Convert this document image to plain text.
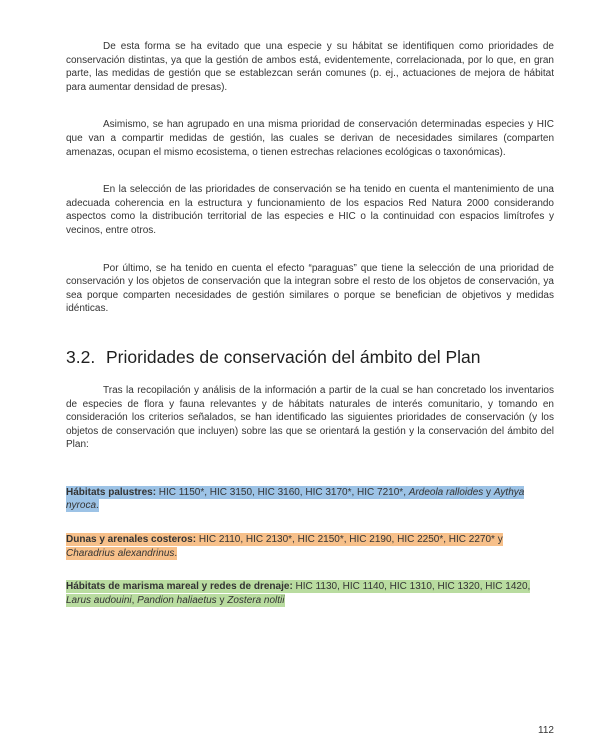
De esta forma se ha evitado que una especie y su hábitat se identifiquen como prioridades de conservación distintas, ya que la gestión de ambos está, evidentemente, correlacionada, por lo que, en gran parte, las medidas de gestión que se establezcan serán comunes (p. ej., actuaciones de mejora de hábitat para aumentar densidad de presas).

Asimismo, se han agrupado en una misma prioridad de conservación determinadas especies y HIC que van a compartir medidas de gestión, las cuales se derivan de necesidades similares (comparten amenazas, ocupan el mismo ecosistema, o tienen estrechas relaciones ecológicas o taxonómicas).

En la selección de las prioridades de conservación se ha tenido en cuenta el mantenimiento de una adecuada coherencia en la estructura y funcionamiento de los espacios Red Natura 2000 considerando aspectos como la distribución territorial de las especies e HIC o la continuidad con espacios limítrofes y vecinos, entre otros.

Por último, se ha tenido en cuenta el efecto “paraguas” que tiene la selección de una prioridad de conservación y los objetos de conservación que la integran sobre el resto de los objetos de conservación, ya sea porque comparten necesidades de gestión similares o porque se benefician de objetivos y medidas idénticas.

3.2. Prioridades de conservación del ámbito del Plan

Tras la recopilación y análisis de la información a partir de la cual se han concretado los inventarios de especies de flora y fauna relevantes y de hábitats naturales de interés comunitario, y tomando en consideración los criterios señalados, se han identificado las siguientes prioridades de conservación (y los objetos de conservación que incluyen) sobre las que se orientará la gestión y la conservación del ámbito del Plan:

Hábitats palustres: HIC 1150*, HIC 3150, HIC 3160, HIC 3170*, HIC 7210*, Ardeola ralloides y Aythya nyroca.

Dunas y arenales costeros: HIC 2110, HIC 2130*, HIC 2150*, HIC 2190, HIC 2250*, HIC 2270* y Charadrius alexandrinus.

Hábitats de marisma mareal y redes de drenaje: HIC 1130, HIC 1140, HIC 1310, HIC 1320, HIC 1420, Larus audouini, Pandion haliaetus y Zostera noltii

112
